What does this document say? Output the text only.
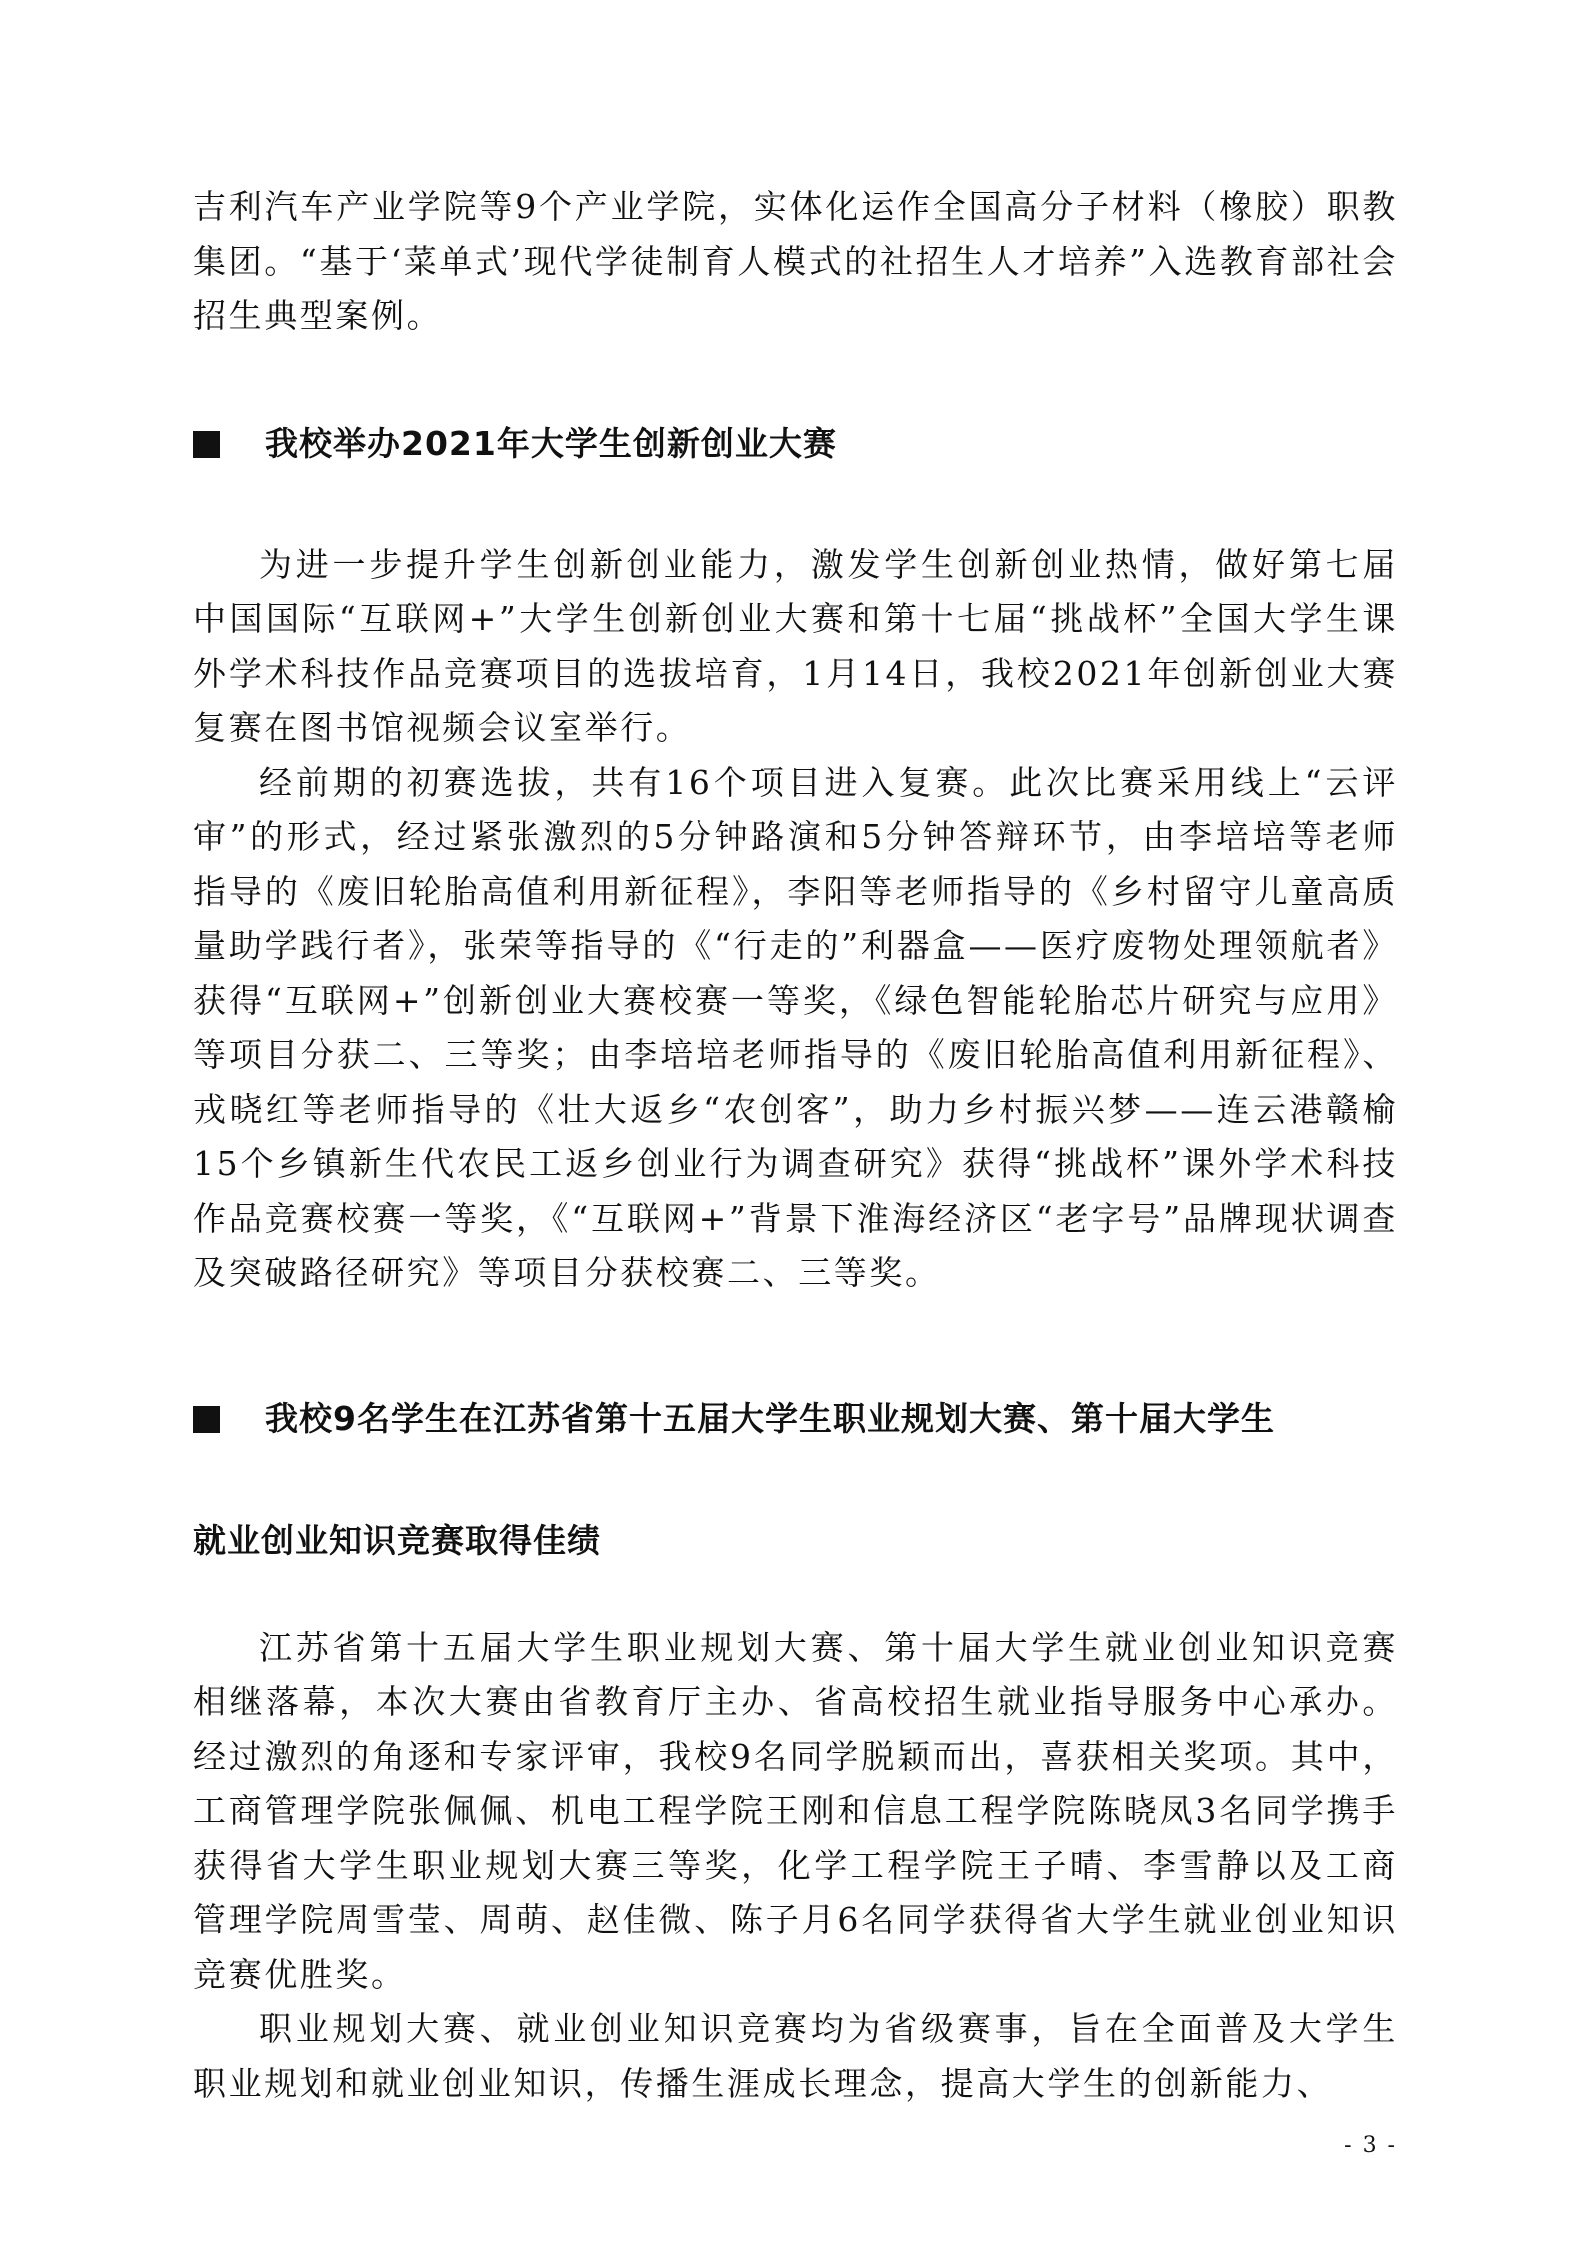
吉利汽车产业学院等9个产业学院，实体化运作全国高分子材料（橡胶）职教集团。“基于‘菜单式’现代学徒制育人模式的社招生人才培养”入选教育部社会招生典型案例。

我校举办2021年大学生创新创业大赛

为进一步提升学生创新创业能力，激发学生创新创业热情，做好第七届中国国际“互联网+”大学生创新创业大赛和第十七届“挑战杯”全国大学生课外学术科技作品竞赛项目的选拔培育，1月14日，我校2021年创新创业大赛复赛在图书馆视频会议室举行。

经前期的初赛选拔，共有16个项目进入复赛。此次比赛采用线上“云评审”的形式，经过紧张激烈的5分钟路演和5分钟答辩环节，由李培培等老师指导的《废旧轮胎高值利用新征程》，李阳等老师指导的《乡村留守儿童高质量助学践行者》，张荣等指导的《“行走的”利器盒——医疗废物处理领航者》获得“互联网+”创新创业大赛校赛一等奖，《绿色智能轮胎芯片研究与应用》等项目分获二、三等奖；由李培培老师指导的《废旧轮胎高值利用新征程》、戎晓红等老师指导的《壮大返乡“农创客”，助力乡村振兴梦——连云港赣榆15个乡镇新生代农民工返乡创业行为调查研究》获得“挑战杯”课外学术科技作品竞赛校赛一等奖，《“互联网+”背景下淮海经济区“老字号”品牌现状调查及突破路径研究》等项目分获校赛二、三等奖。

我校9名学生在江苏省第十五届大学生职业规划大赛、第十届大学生
就业创业知识竞赛取得佳绩

江苏省第十五届大学生职业规划大赛、第十届大学生就业创业知识竞赛相继落幕，本次大赛由省教育厅主办、省高校招生就业指导服务中心承办。经过激烈的角逐和专家评审，我校9名同学脱颖而出，喜获相关奖项。其中，工商管理学院张佩佩、机电工程学院王刚和信息工程学院陈晓凤3名同学携手获得省大学生职业规划大赛三等奖，化学工程学院王子晴、李雪静以及工商管理学院周雪莹、周萌、赵佳微、陈子月6名同学获得省大学生就业创业知识竞赛优胜奖。

职业规划大赛、就业创业知识竞赛均为省级赛事，旨在全面普及大学生职业规划和就业创业知识，传播生涯成长理念，提高大学生的创新能力、

- 3 -
